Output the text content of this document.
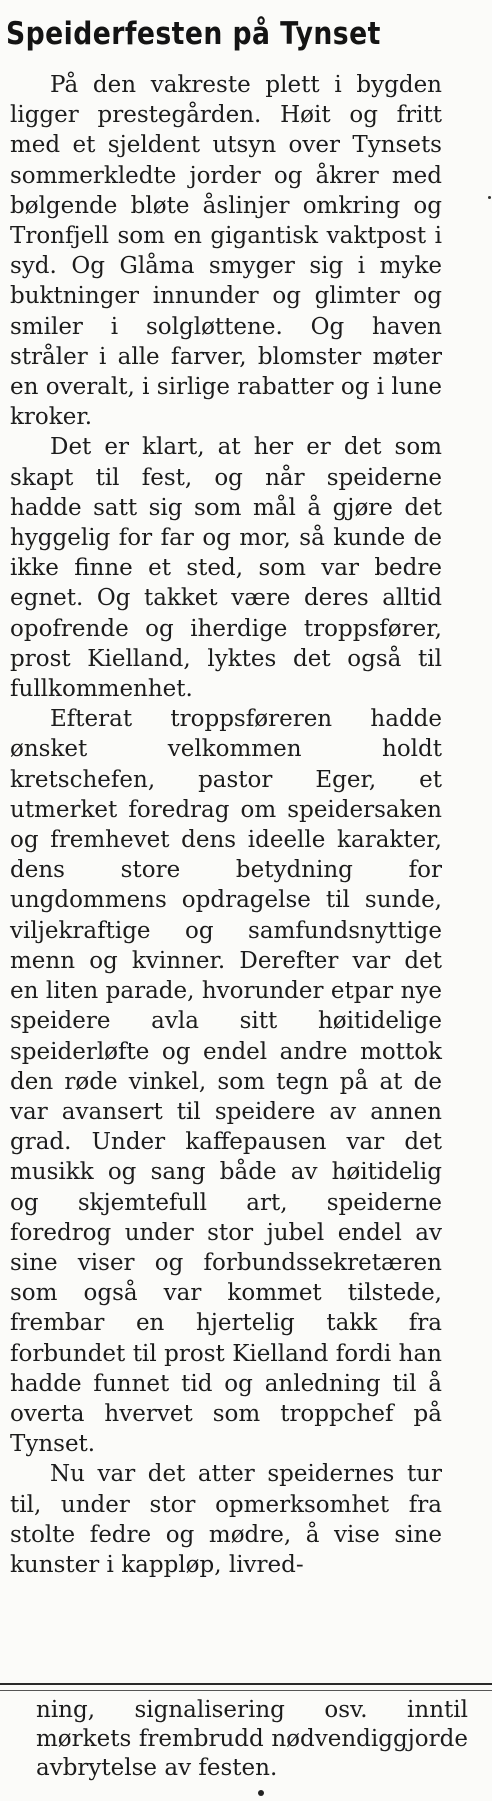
Speiderfesten på Tynset

På den vakreste plett i bygden ligger prestegården. Høit og fritt med et sjeldent utsyn over Tynsets sommerkledte jorder og åkrer med bølgende bløte åslinjer omkring og Tronfjell som en gigantisk vaktpost i syd. Og Glåma smyger sig i myke buktninger innunder og glimter og smiler i solgløttene. Og haven stråler i alle farver, blomster møter en overalt, i sirlige rabatter og i lune kroker.

Det er klart, at her er det som skapt til fest, og når speiderne hadde satt sig som mål å gjøre det hyggelig for far og mor, så kunde de ikke finne et sted, som var bedre egnet. Og takket være deres alltid opofrende og iherdige troppsfører, prost Kielland, lyktes det også til fullkommenhet.

Efterat troppsføreren hadde ønsket velkommen holdt kretschefen, pastor Eger, et utmerket foredrag om speidersaken og fremhevet dens ideelle karakter, dens store betydning for ungdommens opdragelse til sunde, viljekraftige og samfundsnyttige menn og kvinner. Derefter var det en liten parade, hvorunder etpar nye speidere avla sitt høitidelige speiderløfte og endel andre mottok den røde vinkel, som tegn på at de var avansert til speidere av annen grad. Under kaffepausen var det musikk og sang både av høitidelig og skjemtefull art, speiderne foredrog under stor jubel endel av sine viser og forbundssekretæren som også var kommet tilstede, frembar en hjertelig takk fra forbundet til prost Kielland fordi han hadde funnet tid og anledning til å overta hvervet som troppchef på Tynset.

Nu var det atter speidernes tur til, under stor opmerksomhet fra stolte fedre og mødre, å vise sine kunster i kappløp, livred-

ning, signalisering osv. inntil mørkets frembrudd nødvendiggjorde avbrytelse av festen.
